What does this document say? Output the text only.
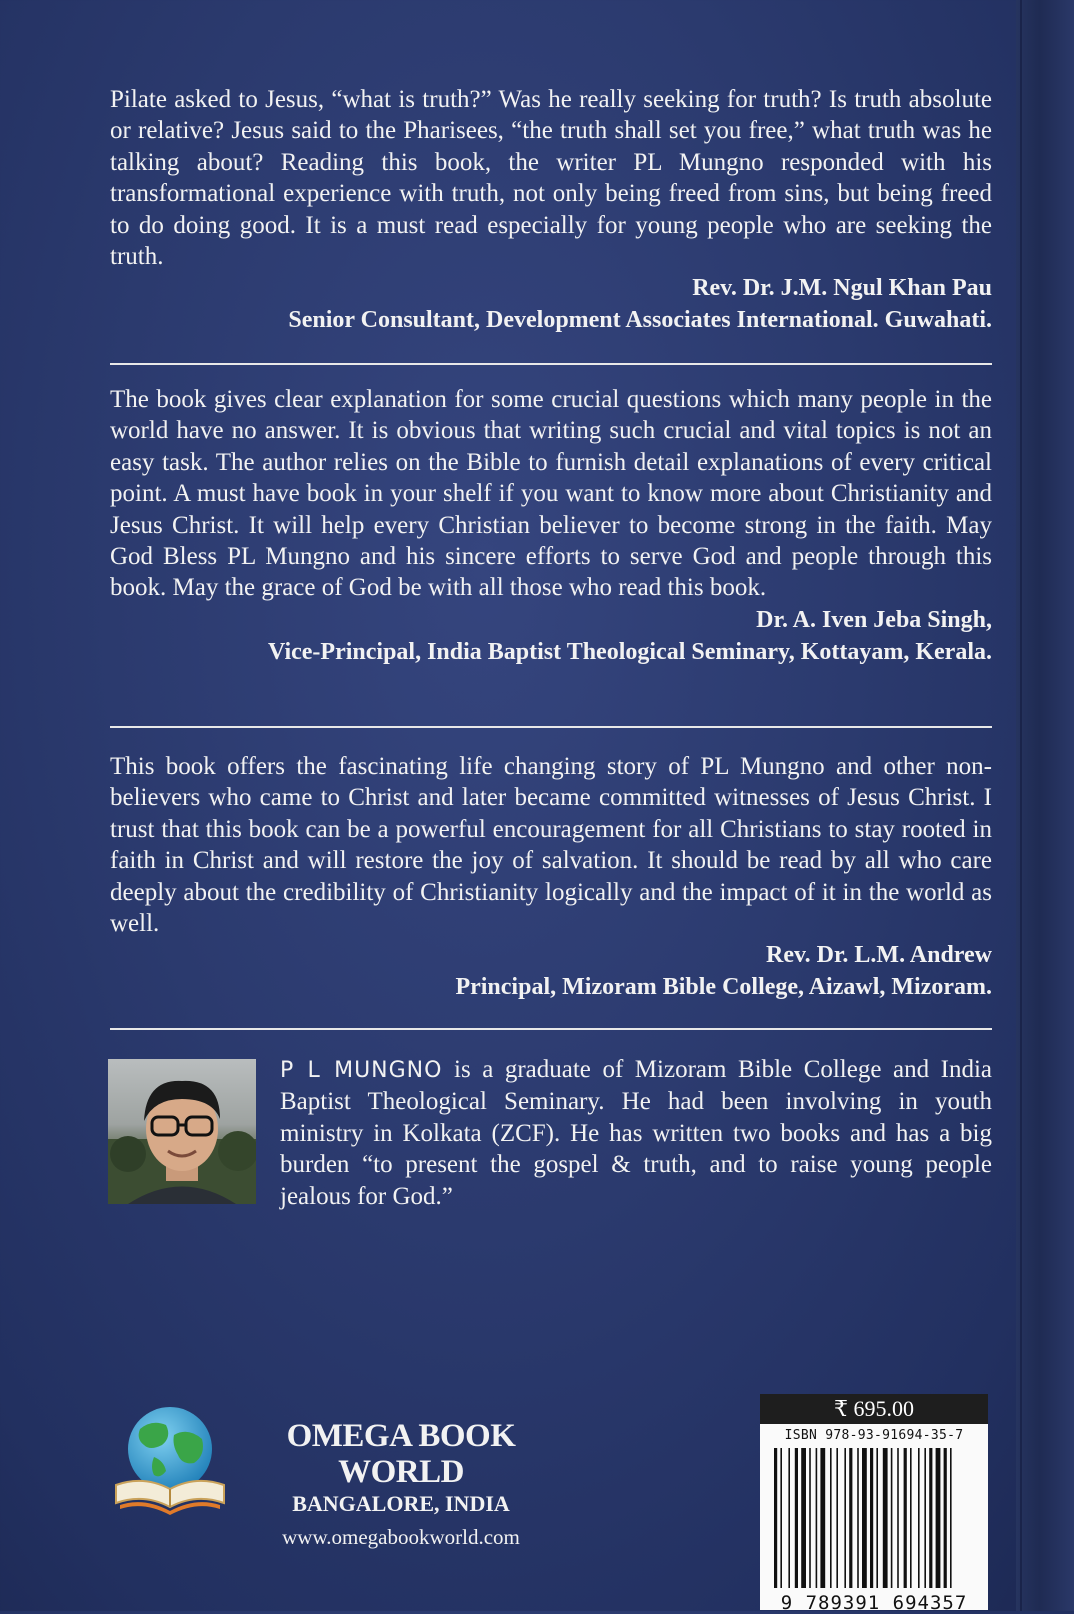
Pilate asked to Jesus, “what is truth?” Was he really seeking for truth? Is truth absolute or relative? Jesus said to the Pharisees, “the truth shall set you free,” what truth was he talking about? Reading this book, the writer PL Mungno responded with his transformational experience with truth, not only being freed from sins, but being freed to do doing good. It is a must read especially for young people who are seeking the truth.

Rev. Dr. J.M. Ngul Khan Pau
Senior Consultant, Development Associates International. Guwahati.

The book gives clear explanation for some crucial questions which many people in the world have no answer. It is obvious that writing such crucial and vital topics is not an easy task. The author relies on the Bible to furnish detail explanations of every critical point. A must have book in your shelf if you want to know more about Christianity and Jesus Christ. It will help every Christian believer to become strong in the faith. May God Bless PL Mungno and his sincere efforts to serve God and people through this book. May the grace of God be with all those who read this book.

Dr. A. Iven Jeba Singh,
Vice-Principal, India Baptist Theological Seminary, Kottayam, Kerala.

This book offers the fascinating life changing story of PL Mungno and other non-believers who came to Christ and later became committed witnesses of Jesus Christ. I trust that this book can be a powerful encouragement for all Christians to stay rooted in faith in Christ and will restore the joy of salvation. It should be read by all who care deeply about the credibility of Christianity logically and the impact of it in the world as well.

Rev. Dr. L.M. Andrew
Principal, Mizoram Bible College, Aizawl, Mizoram.

P L MUNGNO is a graduate of Mizoram Bible College and India Baptist Theological Seminary. He had been involving in youth ministry in Kolkata (ZCF). He has written two books and has a big burden “to present the gospel & truth, and to raise young people jealous for God.”

OMEGA BOOK WORLD
BANGALORE, INDIA
www.omegabookworld.com
₹ 695.00
ISBN 978-93-91694-35-7
9 789391 694357
